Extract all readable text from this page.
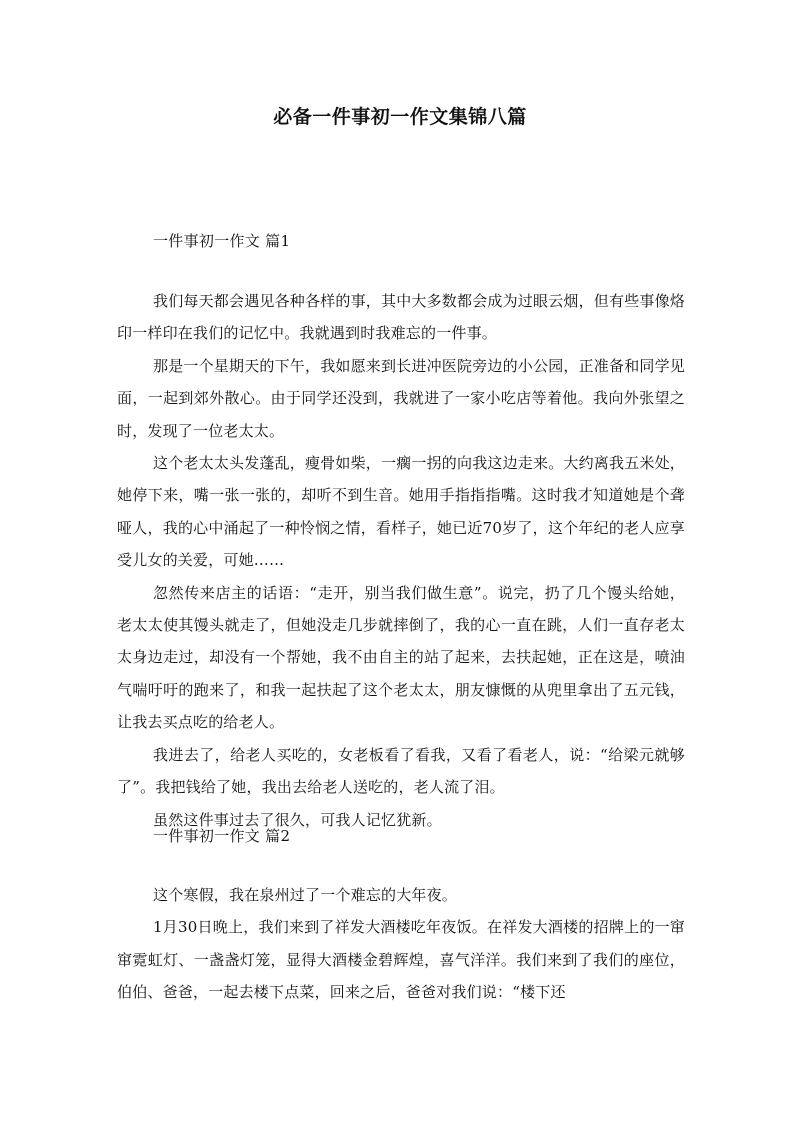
必备一件事初一作文集锦八篇
一件事初一作文 篇1

我们每天都会遇见各种各样的事，其中大多数都会成为过眼云烟，但有些事像烙印一样印在我们的记忆中。我就遇到时我难忘的一件事。

那是一个星期天的下午，我如愿来到长进冲医院旁边的小公园，正准备和同学见面，一起到郊外散心。由于同学还没到，我就进了一家小吃店等着他。我向外张望之时，发现了一位老太太。

这个老太太头发蓬乱，瘦骨如柴，一瘸一拐的向我这边走来。大约离我五米处，她停下来，嘴一张一张的，却听不到生音。她用手指指指嘴。这时我才知道她是个聋哑人，我的心中涌起了一种怜悯之情，看样子，她已近70岁了，这个年纪的老人应享受儿女的关爱，可她……

忽然传来店主的话语：“走开，别当我们做生意”。说完，扔了几个馒头给她，老太太使其馒头就走了，但她没走几步就摔倒了，我的心一直在跳，人们一直存老太太身边走过，却没有一个帮她，我不由自主的站了起来，去扶起她，正在这是，喷油气喘吁吁的跑来了，和我一起扶起了这个老太太，朋友慷慨的从兜里拿出了五元钱，让我去买点吃的给老人。

我进去了，给老人买吃的，女老板看了看我，又看了看老人，说：“给梁元就够了”。我把钱给了她，我出去给老人送吃的，老人流了泪。

虽然这件事过去了很久，可我人记忆犹新。

一件事初一作文 篇2

这个寒假，我在泉州过了一个难忘的大年夜。

1月30日晚上，我们来到了祥发大酒楼吃年夜饭。在祥发大酒楼的招牌上的一窜窜霓虹灯、一盏盏灯笼，显得大酒楼金碧辉煌，喜气洋洋。我们来到了我们的座位，伯伯、爸爸，一起去楼下点菜，回来之后，爸爸对我们说：“楼下还
